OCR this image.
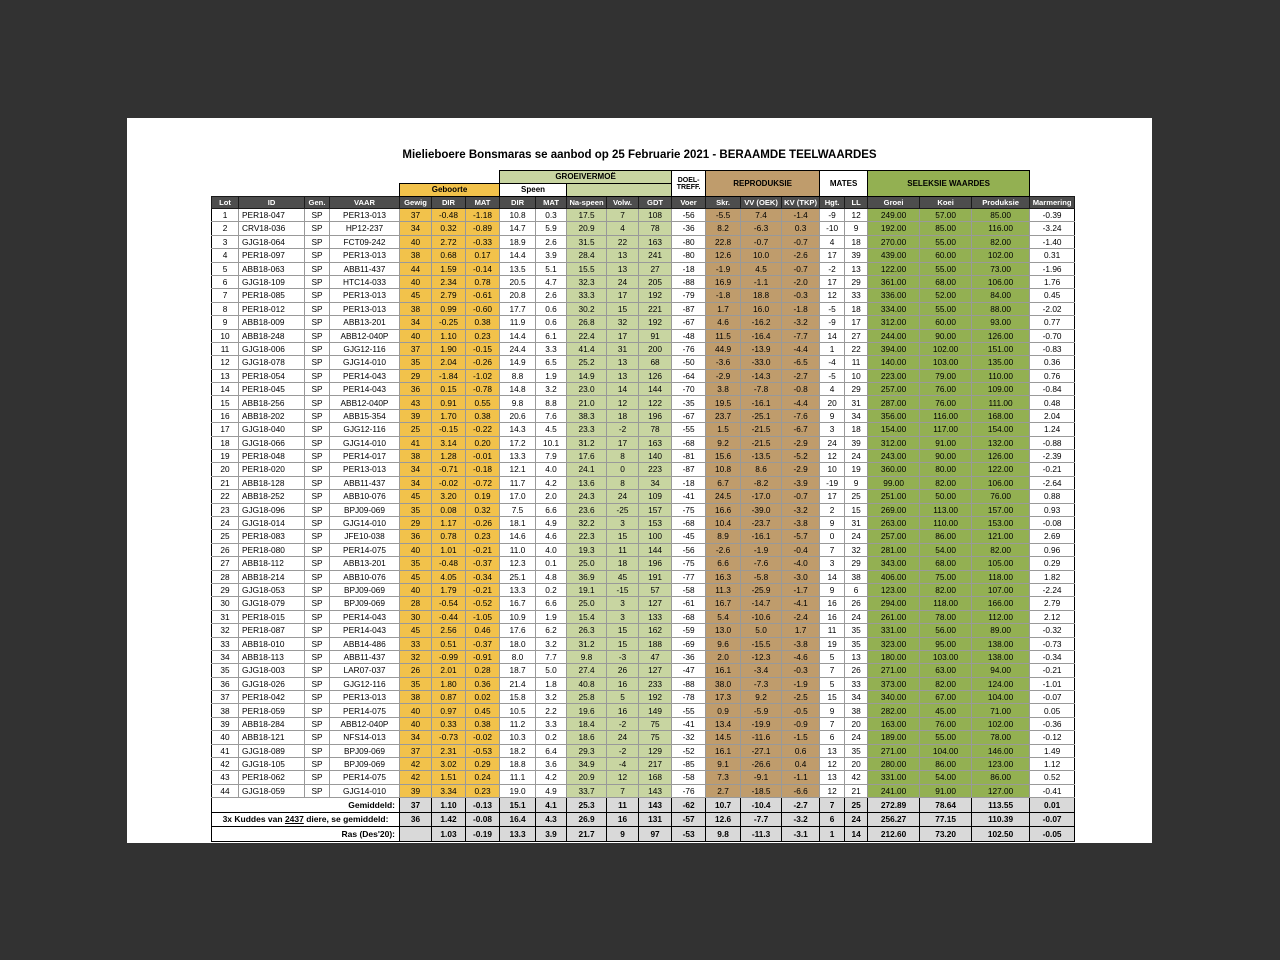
Mielieboere Bonsmaras se aanbod op 25 Februarie 2021 - BERAAMDE TEELWAARDES
							GROEIVERMOË					DOEL-
TREFF.	REPRODUKSIE			MATES		SELEKSIE WAARDES			
				Geboorte			Speen														
Lot	ID	Gen.	VAAR	Gewig	DIR	MAT	DIR	MAT	Na-speen	Volw.	GDT	Voer	Skr.	VV (OEK)	KV (TKP)	Hgt.	LL	Groei	Koei	Produksie	Marmering
1	PER18-047	SP	PER13-013	37	-0.48	-1.18	10.8	0.3	17.5	7	108	-56	-5.5	7.4	-1.4	-9	12	249.00	57.00	85.00	-0.39
2	CRV18-036	SP	HP12-237	34	0.32	-0.89	14.7	5.9	20.9	4	78	-36	8.2	-6.3	0.3	-10	9	192.00	85.00	116.00	-3.24
3	GJG18-064	SP	FCT09-242	40	2.72	-0.33	18.9	2.6	31.5	22	163	-80	22.8	-0.7	-0.7	4	18	270.00	55.00	82.00	-1.40
4	PER18-097	SP	PER13-013	38	0.68	0.17	14.4	3.9	28.4	13	241	-80	12.6	10.0	-2.6	17	39	439.00	60.00	102.00	0.31
5	ABB18-063	SP	ABB11-437	44	1.59	-0.14	13.5	5.1	15.5	13	27	-18	-1.9	4.5	-0.7	-2	13	122.00	55.00	73.00	-1.96
6	GJG18-109	SP	HTC14-033	40	2.34	0.78	20.5	4.7	32.3	24	205	-88	16.9	-1.1	-2.0	17	29	361.00	68.00	106.00	1.76
7	PER18-085	SP	PER13-013	45	2.79	-0.61	20.8	2.6	33.3	17	192	-79	-1.8	18.8	-0.3	12	33	336.00	52.00	84.00	0.45
8	PER18-012	SP	PER13-013	38	0.99	-0.60	17.7	0.6	30.2	15	221	-87	1.7	16.0	-1.8	-5	18	334.00	55.00	88.00	-2.02
9	ABB18-009	SP	ABB13-201	34	-0.25	0.38	11.9	0.6	26.8	32	192	-67	4.6	-16.2	-3.2	-9	17	312.00	60.00	93.00	0.77
10	ABB18-248	SP	ABB12-040P	40	1.10	0.23	14.4	6.1	22.4	17	91	-48	11.5	-16.4	-7.7	14	27	244.00	90.00	126.00	-0.70
11	GJG18-006	SP	GJG12-116	37	1.90	-0.15	24.4	3.3	41.4	31	200	-76	44.9	-13.9	-4.4	1	22	394.00	102.00	151.00	-0.83
12	GJG18-078	SP	GJG14-010	35	2.04	-0.26	14.9	6.5	25.2	13	68	-50	-3.6	-33.0	-6.5	-4	11	140.00	103.00	135.00	0.36
13	PER18-054	SP	PER14-043	29	-1.84	-1.02	8.8	1.9	14.9	13	126	-64	-2.9	-14.3	-2.7	-5	10	223.00	79.00	110.00	0.76
14	PER18-045	SP	PER14-043	36	0.15	-0.78	14.8	3.2	23.0	14	144	-70	3.8	-7.8	-0.8	4	29	257.00	76.00	109.00	-0.84
15	ABB18-256	SP	ABB12-040P	43	0.91	0.55	9.8	8.8	21.0	12	122	-35	19.5	-16.1	-4.4	20	31	287.00	76.00	111.00	0.48
16	ABB18-202	SP	ABB15-354	39	1.70	0.38	20.6	7.6	38.3	18	196	-67	23.7	-25.1	-7.6	9	34	356.00	116.00	168.00	2.04
17	GJG18-040	SP	GJG12-116	25	-0.15	-0.22	14.3	4.5	23.3	-2	78	-55	1.5	-21.5	-6.7	3	18	154.00	117.00	154.00	1.24
18	GJG18-066	SP	GJG14-010	41	3.14	0.20	17.2	10.1	31.2	17	163	-68	9.2	-21.5	-2.9	24	39	312.00	91.00	132.00	-0.88
19	PER18-048	SP	PER14-017	38	1.28	-0.01	13.3	7.9	17.6	8	140	-81	15.6	-13.5	-5.2	12	24	243.00	90.00	126.00	-2.39
20	PER18-020	SP	PER13-013	34	-0.71	-0.18	12.1	4.0	24.1	0	223	-87	10.8	8.6	-2.9	10	19	360.00	80.00	122.00	-0.21
21	ABB18-128	SP	ABB11-437	34	-0.02	-0.72	11.7	4.2	13.6	8	34	-18	6.7	-8.2	-3.9	-19	9	99.00	82.00	106.00	-2.64
22	ABB18-252	SP	ABB10-076	45	3.20	0.19	17.0	2.0	24.3	24	109	-41	24.5	-17.0	-0.7	17	25	251.00	50.00	76.00	0.88
23	GJG18-096	SP	BPJ09-069	35	0.08	0.32	7.5	6.6	23.6	-25	157	-75	16.6	-39.0	-3.2	2	15	269.00	113.00	157.00	0.93
24	GJG18-014	SP	GJG14-010	29	1.17	-0.26	18.1	4.9	32.2	3	153	-68	10.4	-23.7	-3.8	9	31	263.00	110.00	153.00	-0.08
25	PER18-083	SP	JFE10-038	36	0.78	0.23	14.6	4.6	22.3	15	100	-45	8.9	-16.1	-5.7	0	24	257.00	86.00	121.00	2.69
26	PER18-080	SP	PER14-075	40	1.01	-0.21	11.0	4.0	19.3	11	144	-56	-2.6	-1.9	-0.4	7	32	281.00	54.00	82.00	0.96
27	ABB18-112	SP	ABB13-201	35	-0.48	-0.37	12.3	0.1	25.0	18	196	-75	6.6	-7.6	-4.0	3	29	343.00	68.00	105.00	0.29
28	ABB18-214	SP	ABB10-076	45	4.05	-0.34	25.1	4.8	36.9	45	191	-77	16.3	-5.8	-3.0	14	38	406.00	75.00	118.00	1.82
29	GJG18-053	SP	BPJ09-069	40	1.79	-0.21	13.3	0.2	19.1	-15	57	-58	11.3	-25.9	-1.7	9	6	123.00	82.00	107.00	-2.24
30	GJG18-079	SP	BPJ09-069	28	-0.54	-0.52	16.7	6.6	25.0	3	127	-61	16.7	-14.7	-4.1	16	26	294.00	118.00	166.00	2.79
31	PER18-015	SP	PER14-043	30	-0.44	-1.05	10.9	1.9	15.4	3	133	-68	5.4	-10.6	-2.4	16	24	261.00	78.00	112.00	2.12
32	PER18-087	SP	PER14-043	45	2.56	0.46	17.6	6.2	26.3	15	162	-59	13.0	5.0	1.7	11	35	331.00	56.00	89.00	-0.32
33	ABB18-010	SP	ABB14-486	33	0.51	-0.37	18.0	3.2	31.2	15	188	-69	9.6	-15.5	-3.8	19	35	323.00	95.00	138.00	-0.73
34	ABB18-113	SP	ABB11-437	32	-0.99	-0.91	8.0	7.7	9.8	-3	47	-36	2.0	-12.3	-4.6	5	13	180.00	103.00	138.00	-0.34
35	GJG18-003	SP	LAR07-037	26	2.01	0.28	18.7	5.0	27.4	26	127	-47	16.1	-3.4	-0.3	7	26	271.00	63.00	94.00	-0.21
36	GJG18-026	SP	GJG12-116	35	1.80	0.36	21.4	1.8	40.8	16	233	-88	38.0	-7.3	-1.9	5	33	373.00	82.00	124.00	-1.01
37	PER18-042	SP	PER13-013	38	0.87	0.02	15.8	3.2	25.8	5	192	-78	17.3	9.2	-2.5	15	34	340.00	67.00	104.00	-0.07
38	PER18-059	SP	PER14-075	40	0.97	0.45	10.5	2.2	19.6	16	149	-55	0.9	-5.9	-0.5	9	38	282.00	45.00	71.00	0.05
39	ABB18-284	SP	ABB12-040P	40	0.33	0.38	11.2	3.3	18.4	-2	75	-41	13.4	-19.9	-0.9	7	20	163.00	76.00	102.00	-0.36
40	ABB18-121	SP	NFS14-013	34	-0.73	-0.02	10.3	0.2	18.6	24	75	-32	14.5	-11.6	-1.5	6	24	189.00	55.00	78.00	-0.12
41	GJG18-089	SP	BPJ09-069	37	2.31	-0.53	18.2	6.4	29.3	-2	129	-52	16.1	-27.1	0.6	13	35	271.00	104.00	146.00	1.49
42	GJG18-105	SP	BPJ09-069	42	3.02	0.29	18.8	3.6	34.9	-4	217	-85	9.1	-26.6	0.4	12	20	280.00	86.00	123.00	1.12
43	PER18-062	SP	PER14-075	42	1.51	0.24	11.1	4.2	20.9	12	168	-58	7.3	-9.1	-1.1	13	42	331.00	54.00	86.00	0.52
44	GJG18-059	SP	GJG14-010	39	3.34	0.23	19.0	4.9	33.7	7	143	-76	2.7	-18.5	-6.6	12	21	241.00	91.00	127.00	-0.41
Gemiddeld:				37	1.10	-0.13	15.1	4.1	25.3	11	143	-62	10.7	-10.4	-2.7	7	25	272.89	78.64	113.55	0.01
3x Kuddes van 2437 diere, se gemiddeld:				36	1.42	-0.08	16.4	4.3	26.9	16	131	-57	12.6	-7.7	-3.2	6	24	256.27	77.15	110.39	-0.07
Ras (Des'20):					1.03	-0.19	13.3	3.9	21.7	9	97	-53	9.8	-11.3	-3.1	1	14	212.60	73.20	102.50	-0.05
